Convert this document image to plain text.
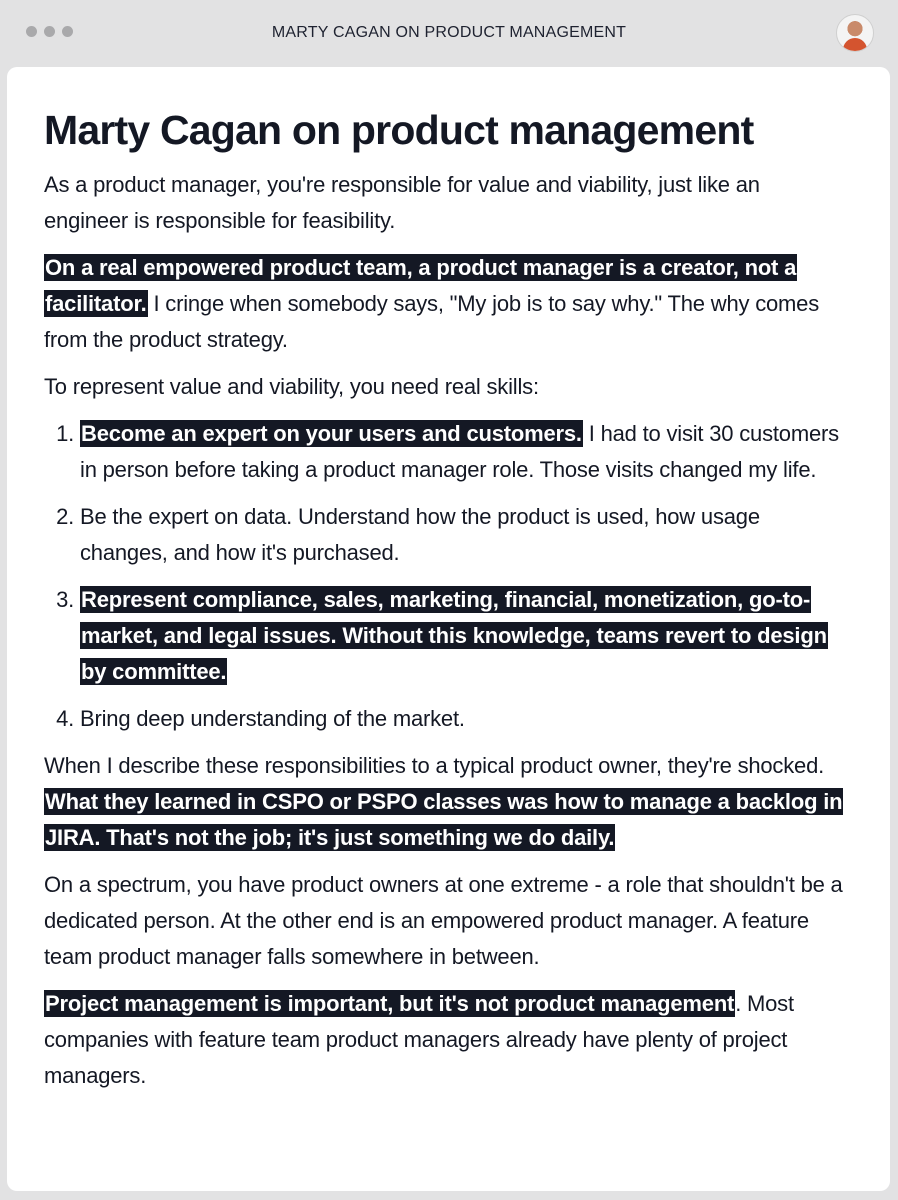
MARTY CAGAN ON PRODUCT MANAGEMENT
Marty Cagan on product management

As a product manager, you're responsible for value and viability, just like an engineer is responsible for feasibility.

On a real empowered product team, a product manager is a creator, not a facilitator. I cringe when somebody says, "My job is to say why." The why comes from the product strategy.

To represent value and viability, you need real skills:

1. Become an expert on your users and customers. I had to visit 30 customers in person before taking a product manager role. Those visits changed my life.
2. Be the expert on data. Understand how the product is used, how usage changes, and how it's purchased.
3. Represent compliance, sales, marketing, financial, monetization, go-to-market, and legal issues. Without this knowledge, teams revert to design by committee.
4. Bring deep understanding of the market.

When I describe these responsibilities to a typical product owner, they're shocked. What they learned in CSPO or PSPO classes was how to manage a backlog in JIRA. That's not the job; it's just something we do daily.

On a spectrum, you have product owners at one extreme - a role that shouldn't be a dedicated person. At the other end is an empowered product manager. A feature team product manager falls somewhere in between.

Project management is important, but it's not product management. Most companies with feature team product managers already have plenty of project managers.
